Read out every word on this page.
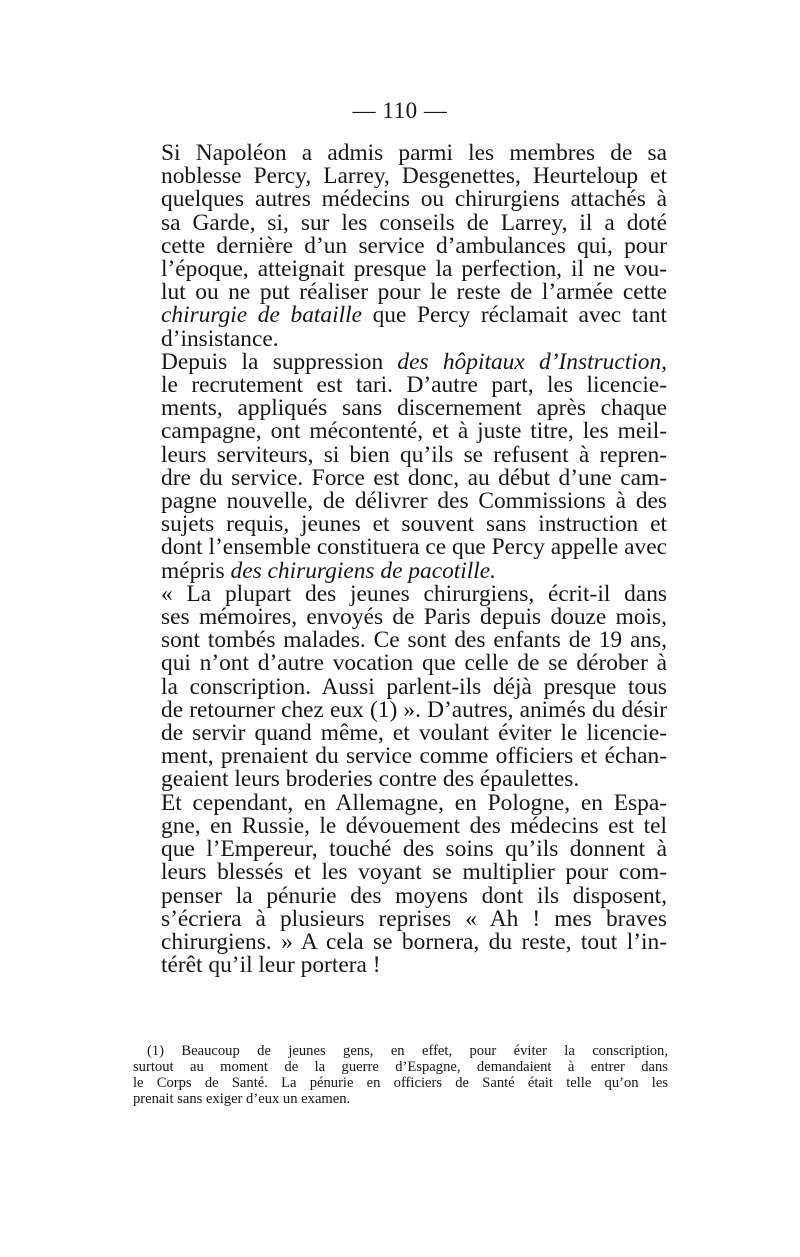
— 110 —

Si Napoléon a admis parmi les membres de sa
noblesse Percy, Larrey, Desgenettes, Heurteloup et
quelques autres médecins ou chirurgiens attachés à
sa Garde, si, sur les conseils de Larrey, il a doté
cette dernière d’un service d’ambulances qui, pour
l’époque, atteignait presque la perfection, il ne vou-
lut ou ne put réaliser pour le reste de l’armée cette
chirurgie de bataille que Percy réclamait avec tant
d’insistance.

Depuis la suppression des hôpitaux d’Instruction,
le recrutement est tari. D’autre part, les licencie-
ments, appliqués sans discernement après chaque
campagne, ont mécontenté, et à juste titre, les meil-
leurs serviteurs, si bien qu’ils se refusent à repren-
dre du service. Force est donc, au début d’une cam-
pagne nouvelle, de délivrer des Commissions à des
sujets requis, jeunes et souvent sans instruction et
dont l’ensemble constituera ce que Percy appelle avec
mépris des chirurgiens de pacotille.

« La plupart des jeunes chirurgiens, écrit-il dans
ses mémoires, envoyés de Paris depuis douze mois,
sont tombés malades. Ce sont des enfants de 19 ans,
qui n’ont d’autre vocation que celle de se dérober à
la conscription. Aussi parlent-ils déjà presque tous
de retourner chez eux (1) ». D’autres, animés du désir
de servir quand même, et voulant éviter le licencie-
ment, prenaient du service comme officiers et échan-
geaient leurs broderies contre des épaulettes.

Et cependant, en Allemagne, en Pologne, en Espa-
gne, en Russie, le dévouement des médecins est tel
que l’Empereur, touché des soins qu’ils donnent à
leurs blessés et les voyant se multiplier pour com-
penser la pénurie des moyens dont ils disposent,
s’écriera à plusieurs reprises « Ah ! mes braves
chirurgiens. » A cela se bornera, du reste, tout l’in-
térêt qu’il leur portera !

(1) Beaucoup de jeunes gens, en effet, pour éviter la conscription,
surtout au moment de la guerre d’Espagne, demandaient à entrer dans
le Corps de Santé. La pénurie en officiers de Santé était telle qu’on les
prenait sans exiger d’eux un examen.
